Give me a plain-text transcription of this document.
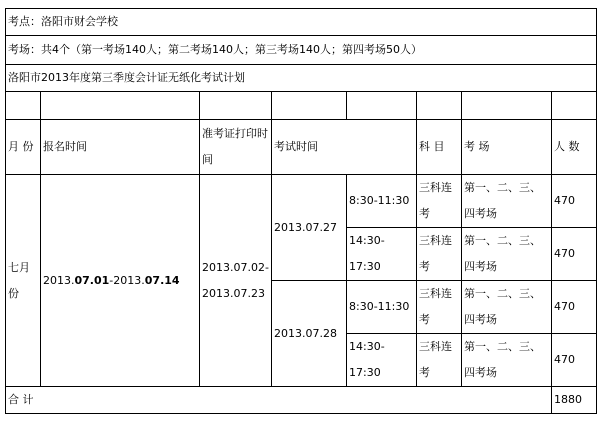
考点：洛阳市财会学校							
考场：共4个（第一考场140人；第二考场140人；第三考场140人；第四考场50人）							
洛阳市2013年度第三季度会计证无纸化考试计划							

月 份	报名时间	准考证打印时间	考试时间		科 目	考 场	人 数
七月份	2013.07.01-2013.07.14	2013.07.02-2013.07.23	2013.07.27	8:30-11:30	三科连考	第一、二、三、四考场	470
				14:30-17:30	三科连考	第一、二、三、四考场	470
			2013.07.28	8:30-11:30	三科连考	第一、二、三、四考场	470
				14:30-17:30	三科连考	第一、二、三、四考场	470
合 计							1880
